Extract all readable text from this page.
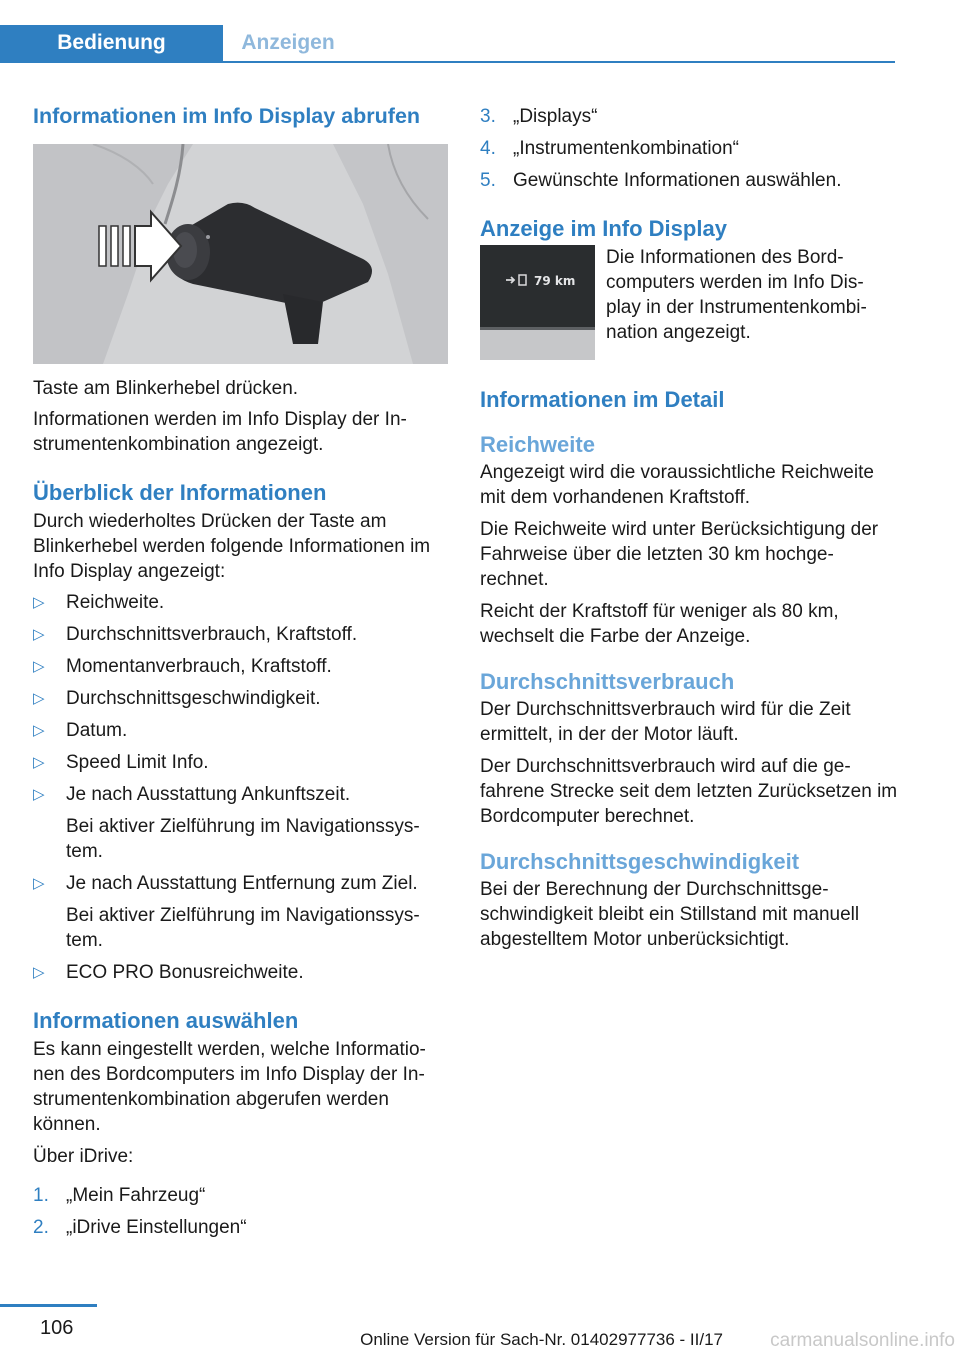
Bedienung	Anzeigen
Informationen im Info Display abrufen

Taste am Blinkerhebel drücken.

Informationen werden im Info Display der In-strumentenkombination angezeigt.

Überblick der Informationen

Durch wiederholtes Drücken der Taste am Blinkerhebel werden folgende Informationen im Info Display angezeigt:

▷ Reichweite.
▷ Durchschnittsverbrauch, Kraftstoff.
▷ Momentanverbrauch, Kraftstoff.
▷ Durchschnittsgeschwindigkeit.
▷ Datum.
▷ Speed Limit Info.
▷ Je nach Ausstattung Ankunftszeit.
Bei aktiver Zielführung im Navigationssys-tem.
▷ Je nach Ausstattung Entfernung zum Ziel.
Bei aktiver Zielführung im Navigationssys-tem.
▷ ECO PRO Bonusreichweite.
Informationen auswählen

Es kann eingestellt werden, welche Informatio-nen des Bordcomputers im Info Display der In-strumentenkombination abgerufen werden können.

Über iDrive:

1. „Mein Fahrzeug“
2. „iDrive Einstellungen“
3. „Displays“
4. „Instrumentenkombination“
5. Gewünschte Informationen auswählen.
Anzeige im Info Display
79 km

Die Informationen des Bord-computers werden im Info Dis-play in der Instrumentenkombi-nation angezeigt.

Informationen im Detail
Reichweite

Angezeigt wird die voraussichtliche Reichweite mit dem vorhandenen Kraftstoff.

Die Reichweite wird unter Berücksichtigung der Fahrweise über die letzten 30 km hochge-rechnet.

Reicht der Kraftstoff für weniger als 80 km, wechselt die Farbe der Anzeige.

Durchschnittsverbrauch

Der Durchschnittsverbrauch wird für die Zeit ermittelt, in der der Motor läuft.

Der Durchschnittsverbrauch wird auf die ge-fahrene Strecke seit dem letzten Zurücksetzen im Bordcomputer berechnet.

Durchschnittsgeschwindigkeit

Bei der Berechnung der Durchschnittsge-schwindigkeit bleibt ein Stillstand mit manuell abgestelltem Motor unberücksichtigt.

106
Online Version für Sach-Nr. 01402977736 - II/17 carmanualsonline.info
